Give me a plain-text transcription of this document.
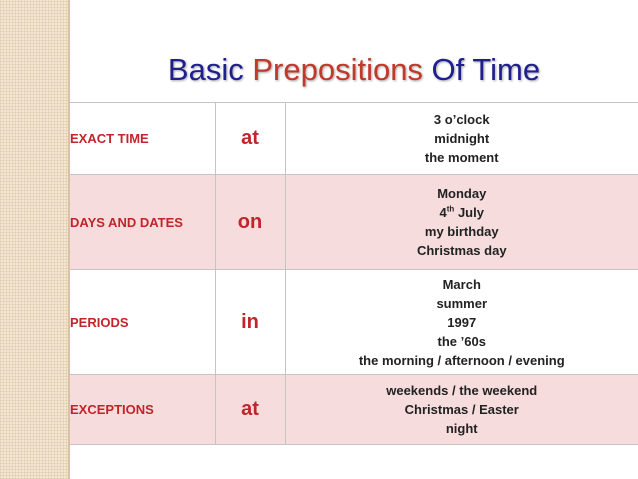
Basic Prepositions Of Time
EXACT TIME	at	3 o’clock
midnight
the moment

DAYS AND DATES	on	Monday
4th July
my birthday
Christmas day

PERIODS	in	March
summer
1997
the ’60s
the morning / afternoon / evening

EXCEPTIONS	at	weekends / the weekend
Christmas / Easter
night
